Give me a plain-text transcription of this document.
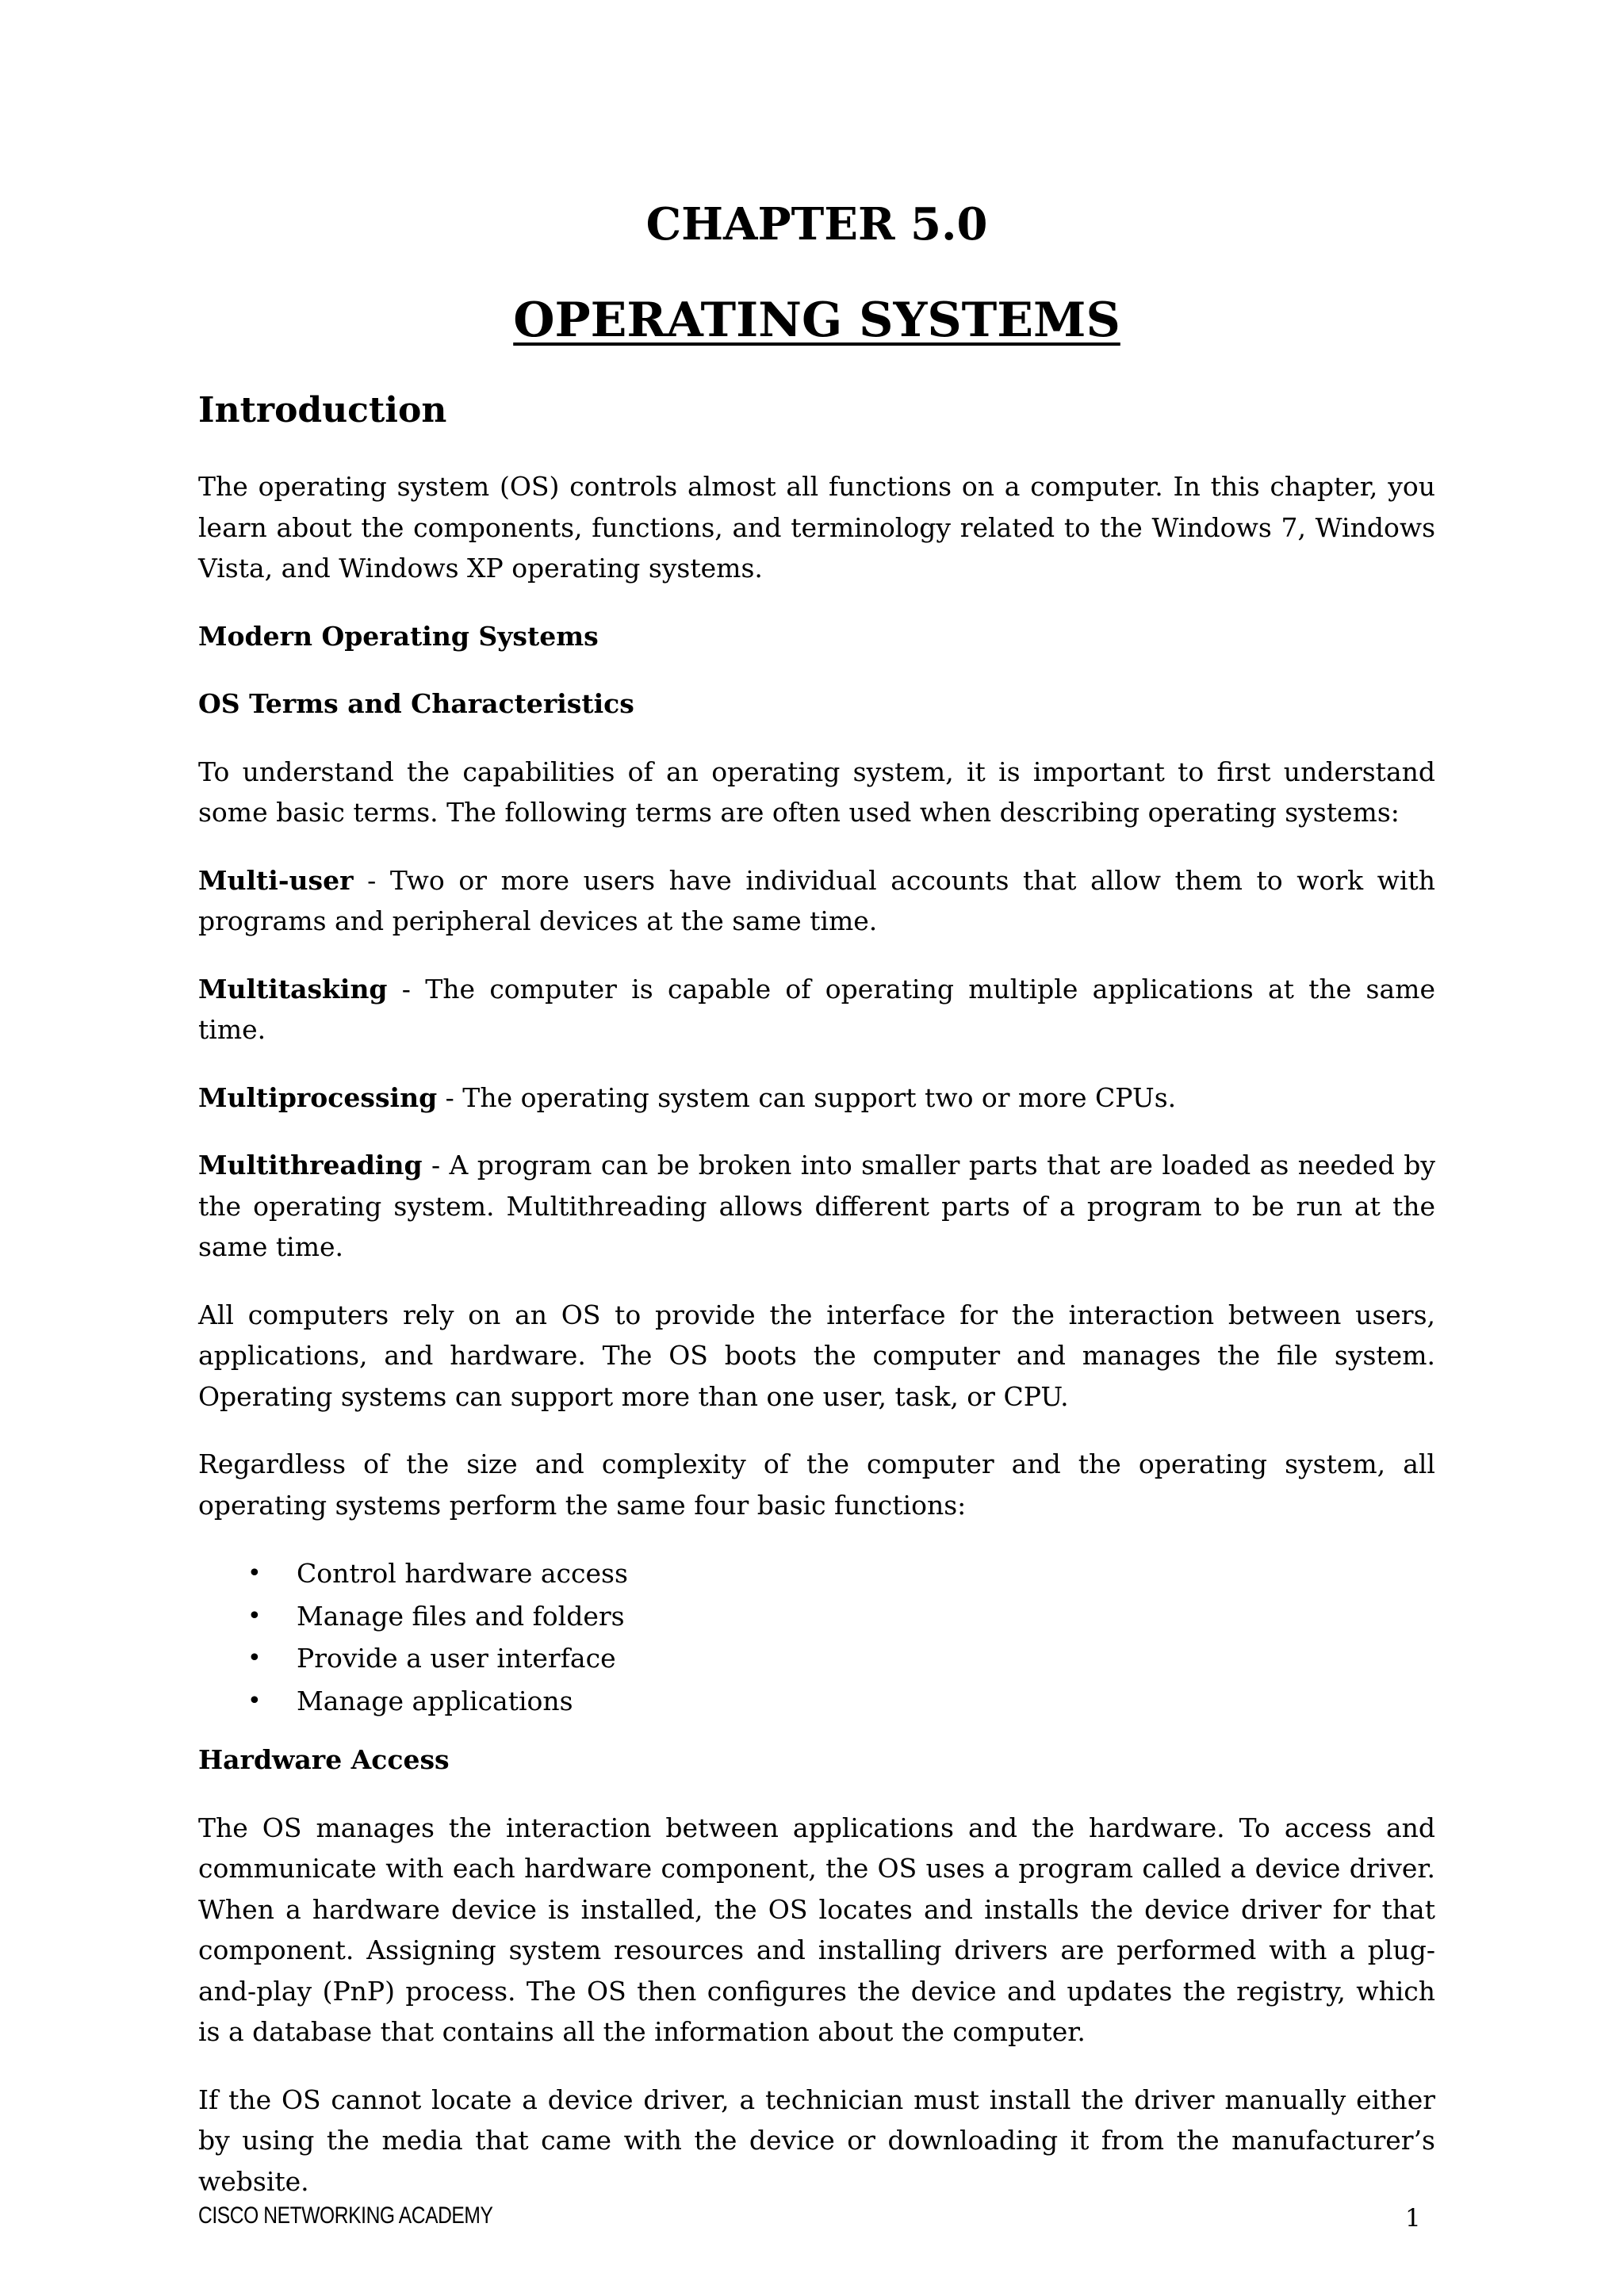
CHAPTER 5.0
OPERATING SYSTEMS
Introduction

The operating system (OS) controls almost all functions on a computer. In this chapter, you learn about the components, functions, and terminology related to the Windows 7, Windows Vista, and Windows XP operating systems.

Modern Operating Systems

OS Terms and Characteristics

To understand the capabilities of an operating system, it is important to first understand some basic terms. The following terms are often used when describing operating systems:

Multi-user - Two or more users have individual accounts that allow them to work with programs and peripheral devices at the same time.

Multitasking - The computer is capable of operating multiple applications at the same time.

Multiprocessing - The operating system can support two or more CPUs.

Multithreading - A program can be broken into smaller parts that are loaded as needed by the operating system. Multithreading allows different parts of a program to be run at the same time.

All computers rely on an OS to provide the interface for the interaction between users, applications, and hardware. The OS boots the computer and manages the file system. Operating systems can support more than one user, task, or CPU.

Regardless of the size and complexity of the computer and the operating system, all operating systems perform the same four basic functions:

• Control hardware access
• Manage files and folders
• Provide a user interface
• Manage applications

Hardware Access

The OS manages the interaction between applications and the hardware. To access and communicate with each hardware component, the OS uses a program called a device driver. When a hardware device is installed, the OS locates and installs the device driver for that component. Assigning system resources and installing drivers are performed with a plug-and-play (PnP) process. The OS then configures the device and updates the registry, which is a database that contains all the information about the computer.

If the OS cannot locate a device driver, a technician must install the driver manually either by using the media that came with the device or downloading it from the manufacturer’s website.

CISCO NETWORKING ACADEMY	1
